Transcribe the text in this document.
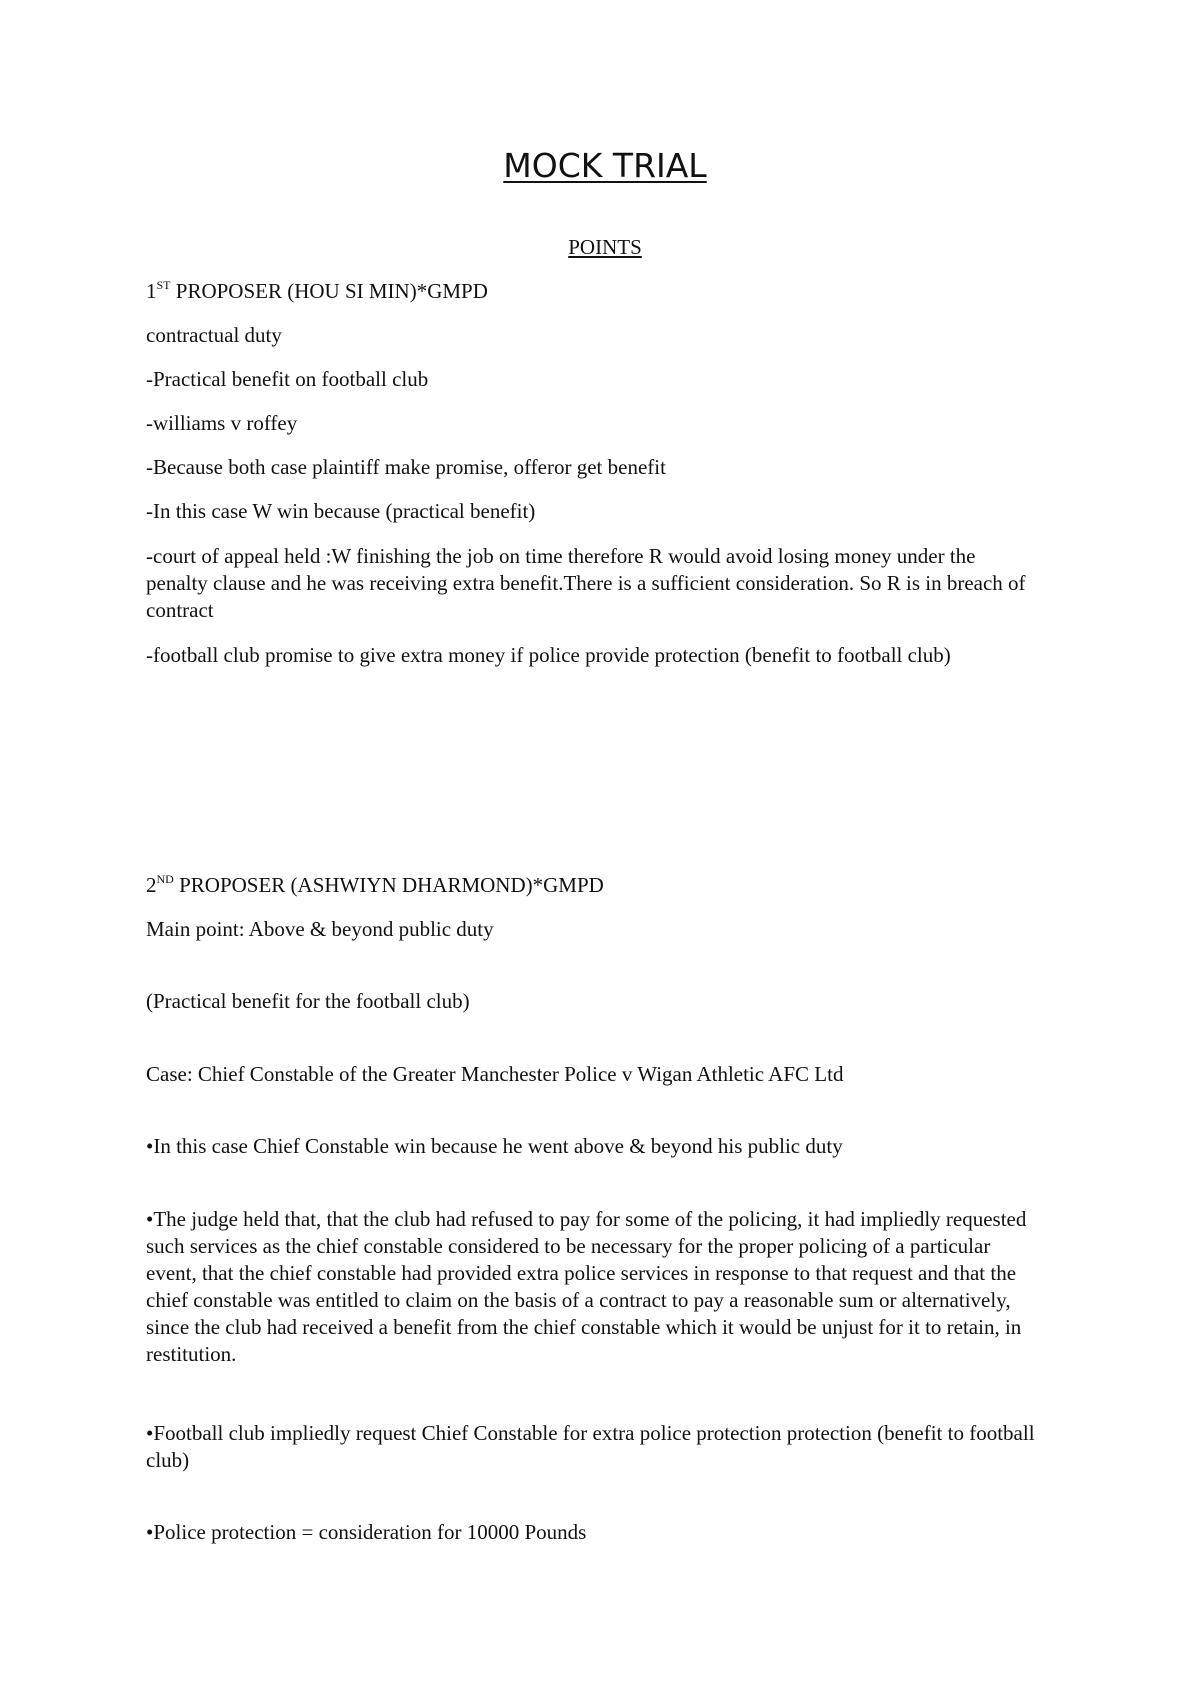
MOCK TRIAL
POINTS
1ST PROPOSER (HOU SI MIN)*GMPD
contractual duty
-Practical benefit on football club
-williams v roffey
-Because both case plaintiff make promise, offeror get benefit
-In this case W win because (practical benefit)
-court of appeal held :W finishing the job on time therefore R would avoid losing money under the penalty clause and he was receiving extra benefit.There is a sufficient consideration. So R is in breach of contract
-football club promise to give extra money if police provide protection (benefit to football club)
2ND PROPOSER (ASHWIYN DHARMOND)*GMPD
Main point: Above & beyond public duty
(Practical benefit for the football club)
Case: Chief Constable of the Greater Manchester Police v Wigan Athletic AFC Ltd
•In this case Chief Constable win because he went above & beyond his public duty
•The judge held that, that the club had refused to pay for some of the policing, it had impliedly requested such services as the chief constable considered to be necessary for the proper policing of a particular event, that the chief constable had provided extra police services in response to that request and that the chief constable was entitled to claim on the basis of a contract to pay a reasonable sum or alternatively, since the club had received a benefit from the chief constable which it would be unjust for it to retain, in restitution.
•Football club impliedly request Chief Constable for extra police protection protection (benefit to football club)
•Police protection = consideration for 10000 Pounds
